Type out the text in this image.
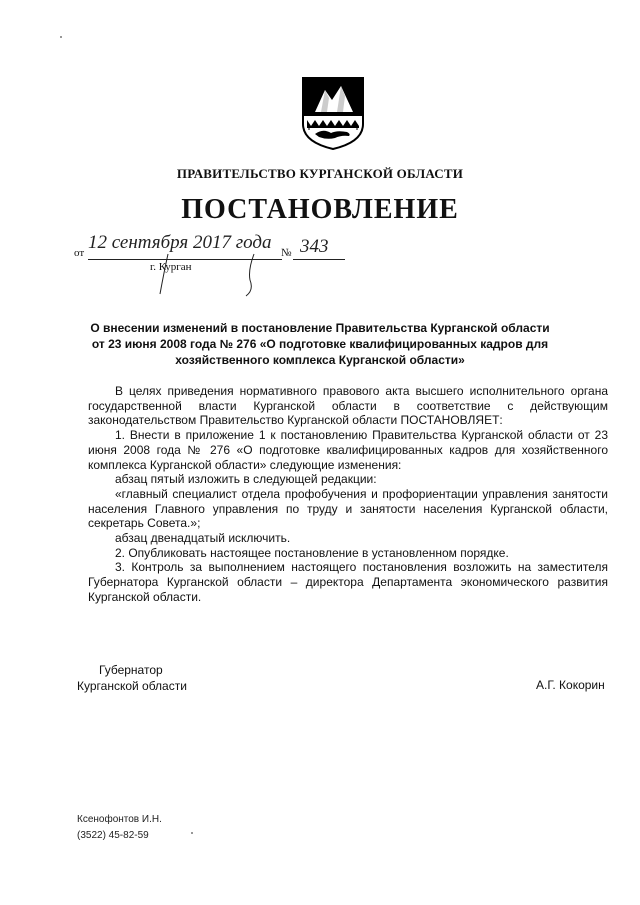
ПРАВИТЕЛЬСТВО КУРГАНСКОЙ ОБЛАСТИ
ПОСТАНОВЛЕНИЕ
от 12 сентября 2017 года № 343
г. Курган
О внесении изменений в постановление Правительства Курганской области
от 23 июня 2008 года № 276 «О подготовке квалифицированных кадров для
хозяйственного комплекса Курганской области»

В целях приведения нормативного правового акта высшего исполнительного органа государственной власти Курганской области в соответствие с действующим законодательством Правительство Курганской области ПОСТАНОВЛЯЕТ:

1. Внести в приложение 1 к постановлению Правительства Курганской области от 23 июня 2008 года № 276 «О подготовке квалифицированных кадров для хозяйственного комплекса Курганской области» следующие изменения:

абзац пятый изложить в следующей редакции:

«главный специалист отдела профобучения и профориентации управления занятости населения Главного управления по труду и занятости населения Курганской области, секретарь Совета.»;

абзац двенадцатый исключить.

2. Опубликовать настоящее постановление в установленном порядке.

3. Контроль за выполнением настоящего постановления возложить на заместителя Губернатора Курганской области – директора Департамента экономического развития Курганской области.

Губернатор
Курганской области	А.Г. Кокорин
Ксенофонтов И.Н.
(3522) 45-82-59
